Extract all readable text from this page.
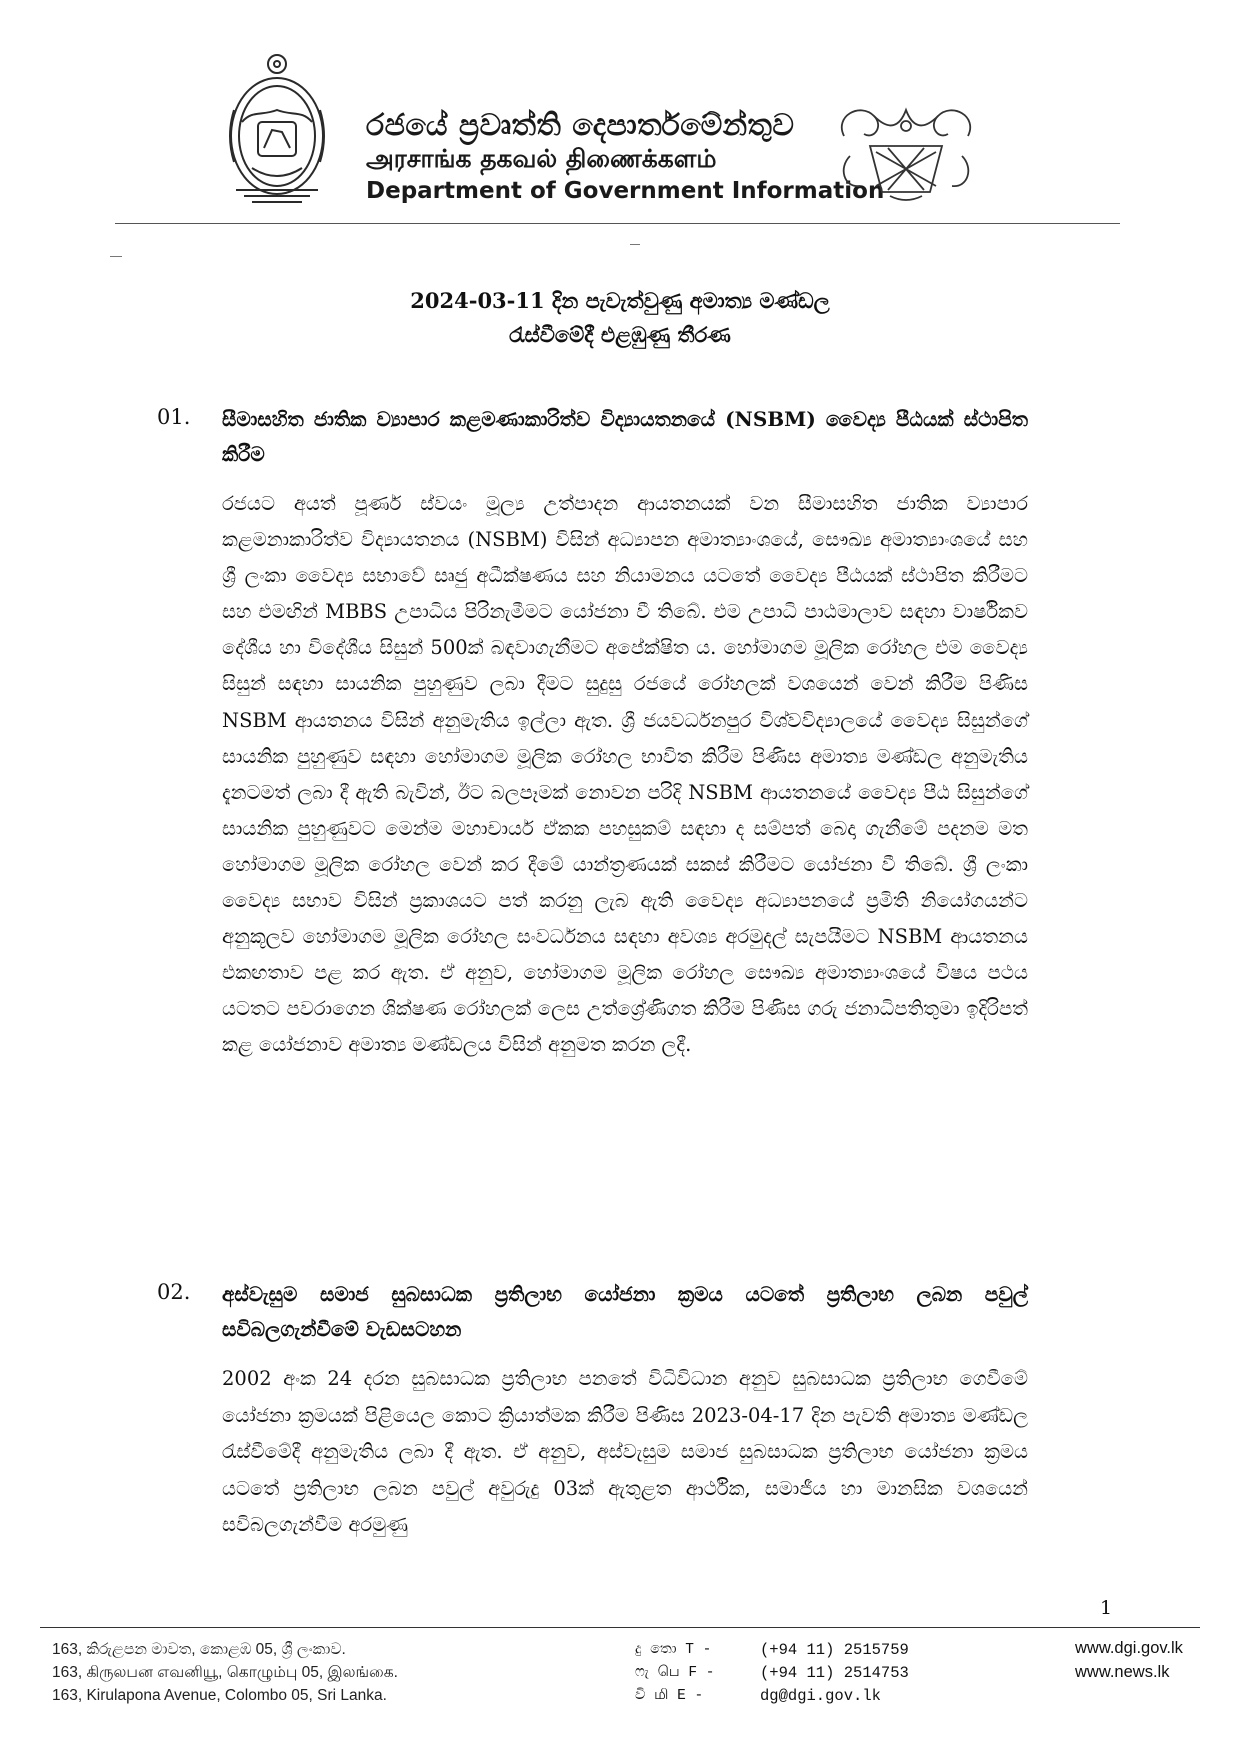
රජයේ ප්‍රවෘත්ති දෙපාර්තමේන්තුව
அரசாங்க தகவல் திணைக்களம்
Department of Government Information
2024-03-11 දින පැවැත්වුණු අමාත්‍ය මණ්ඩල
රැස්වීමේදී එළඹුණු තීරණ
01. සීමාසහිත ජාතික ව්‍යාපාර කළමණාකාරිත්ව විද්‍යායතනයේ (NSBM) වෛද්‍ය පීඨයක් ස්ථාපිත කිරීම
රජයට අයත් පූර්ණ ස්වයං මූල්‍ය උත්පාදන ආයතනයක් වන සීමාසහිත ජාතික ව්‍යාපාර කළමනාකාරිත්ව විද්‍යායතනය (NSBM) විසින් අධ්‍යාපන අමාත්‍යාංශයේ, සෞඛ්‍ය අමාත්‍යාංශයේ සහ ශ්‍රී ලංකා වෛද්‍ය සභාවේ සෘජු අධීක්ෂණය සහ නියාමනය යටතේ වෛද්‍ය පීඨයක් ස්ථාපිත කිරීමට සහ එමඟින් MBBS උපාධිය පිරිනැමීමට යෝජනා වී තිබේ. එම උපාධි පාඨමාලාව සඳහා වාර්ෂිකව දේශීය හා විදේශීය සිසුන් 500ක් බඳවාගැනීමට අපේක්ෂිත ය. හෝමාගම මූලික රෝහල එම වෛද්‍ය සිසුන් සඳහා සායනික පුහුණුව ලබා දීමට සුදුසු රජයේ රෝහලක් වශයෙන් වෙන් කිරීම පිණිස NSBM ආයතනය විසින් අනුමැතිය ඉල්ලා ඇත. ශ්‍රී ජයවර්ධනපුර විශ්වවිද්‍යාලයේ වෛද්‍ය සිසුන්ගේ සායනික පුහුණුව සඳහා හෝමාගම මූලික රෝහල භාවිත කිරීම පිණිස අමාත්‍ය මණ්ඩල අනුමැතිය දැනටමත් ලබා දී ඇති බැවින්, ඊට බලපෑමක් නොවන පරිදි NSBM ආයතනයේ වෛද්‍ය පීඨ සිසුන්ගේ සායනික පුහුණුවට මෙන්ම මහාචාර්ය ඒකක පහසුකම් සඳහා ද සම්පත් බෙදා ගැනීමේ පදනම මත හෝමාගම මූලික රෝහල වෙන් කර දීමේ යාන්ත්‍රණයක් සකස් කිරීමට යෝජනා වී තිබේ. ශ්‍රී ලංකා වෛද්‍ය සභාව විසින් ප්‍රකාශයට පත් කරනු ලැබ ඇති වෛද්‍ය අධ්‍යාපනයේ ප්‍රමිති නියෝගයන්ට අනුකූලව හෝමාගම මූලික රෝහල සංවර්ධනය සඳහා අවශ්‍ය අරමුදල් සැපයීමට NSBM ආයතනය එකඟතාව පළ කර ඇත. ඒ අනුව, හෝමාගම මූලික රෝහල සෞඛ්‍ය අමාත්‍යාංශයේ විෂය පථය යටතට පවරාගෙන ශික්ෂණ රෝහලක් ලෙස උත්ශ්‍රේණිගත කිරීම පිණිස ගරු ජනාධිපතිතුමා ඉදිරිපත් කළ යෝජනාව අමාත්‍ය මණ්ඩලය විසින් අනුමත කරන ලදී.
02. අස්වැසුම සමාජ සුබසාධක ප්‍රතිලාභ යෝජනා ක්‍රමය යටතේ ප්‍රතිලාභ ලබන පවුල් සවිබලගැන්වීමේ වැඩසටහන
2002 අංක 24 දරන සුබසාධක ප්‍රතිලාභ පනතේ විධිවිධාන අනුව සුබසාධක ප්‍රතිලාභ ගෙවීමේ යෝජනා ක්‍රමයක් පිළියෙල කොට ක්‍රියාත්මක කිරීම පිණිස 2023-04-17 දින පැවති අමාත්‍ය මණ්ඩල රැස්වීමේදී අනුමැතිය ලබා දී ඇත. ඒ අනුව, අස්වැසුම සමාජ සුබසාධක ප්‍රතිලාභ යෝජනා ක්‍රමය යටතේ ප්‍රතිලාභ ලබන පවුල් අවුරුදු 03ක් ඇතුළත ආර්ථික, සමාජීය හා මානසික වශයෙන් සවිබලගැන්වීම අරමුණු
1
163, කිරුළපන මාවත, කොළඹ 05, ශ්‍රී ලංකාව.
163, கிருலபன எவனியூ, கொழும்பு 05, இலங்கை.
163, Kirulapona Avenue, Colombo 05, Sri Lanka.
දු තො T -	(+94 11) 2515759
ෆැ பெ F -	(+94 11) 2514753
වි மி E -	dg@dgi.gov.lk
www.dgi.gov.lk
www.news.lk
